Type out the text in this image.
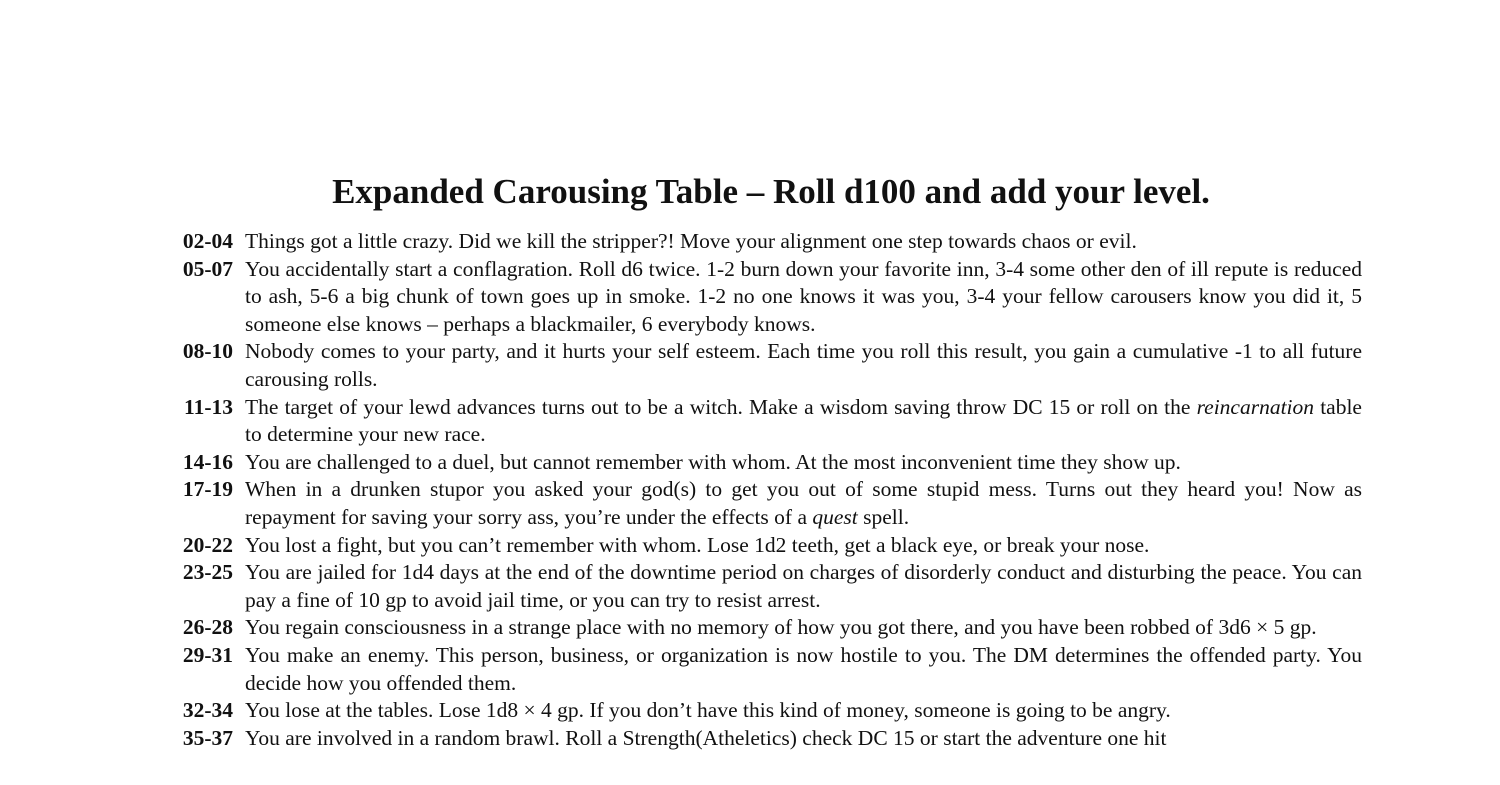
Expanded Carousing Table – Roll d100 and add your level.
02-04 Things got a little crazy. Did we kill the stripper?! Move your alignment one step towards chaos or evil.
05-07 You accidentally start a conflagration. Roll d6 twice. 1-2 burn down your favorite inn, 3-4 some other den of ill repute is reduced to ash, 5-6 a big chunk of town goes up in smoke. 1-2 no one knows it was you, 3-4 your fellow carousers know you did it, 5 someone else knows – perhaps a blackmailer, 6 everybody knows.
08-10 Nobody comes to your party, and it hurts your self esteem. Each time you roll this result, you gain a cumulative -1 to all future carousing rolls.
11-13 The target of your lewd advances turns out to be a witch. Make a wisdom saving throw DC 15 or roll on the reincarnation table to determine your new race.
14-16 You are challenged to a duel, but cannot remember with whom. At the most inconvenient time they show up.
17-19 When in a drunken stupor you asked your god(s) to get you out of some stupid mess. Turns out they heard you! Now as repayment for saving your sorry ass, you’re under the effects of a quest spell.
20-22 You lost a fight, but you can’t remember with whom. Lose 1d2 teeth, get a black eye, or break your nose.
23-25 You are jailed for 1d4 days at the end of the downtime period on charges of disorderly conduct and disturbing the peace. You can pay a fine of 10 gp to avoid jail time, or you can try to resist arrest.
26-28 You regain consciousness in a strange place with no memory of how you got there, and you have been robbed of 3d6 × 5 gp.
29-31 You make an enemy. This person, business, or organization is now hostile to you. The DM determines the offended party. You decide how you offended them.
32-34 You lose at the tables. Lose 1d8 × 4 gp. If you don’t have this kind of money, someone is going to be angry.
35-37 You are involved in a random brawl. Roll a Strength(Atheletics) check DC 15 or start the adventure one hit
